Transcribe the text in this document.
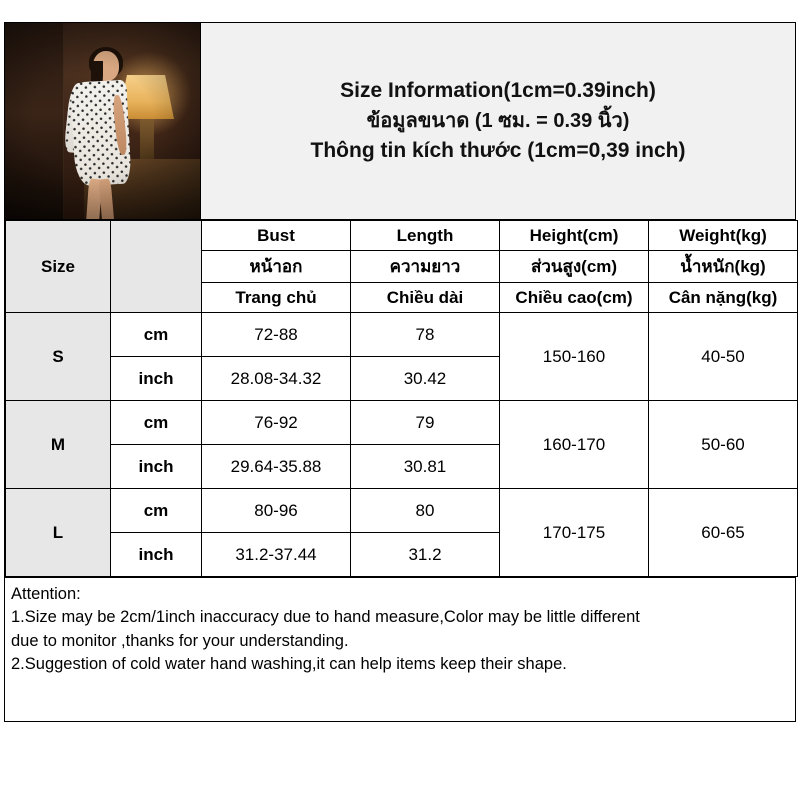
Size Information(1cm=0.39inch)
ข้อมูลขนาด (1 ซม. = 0.39 นิ้ว)
Thông tin kích thước (1cm=0,39 inch)
Size		Bust	Length	Height(cm)	Weight(kg)
		หน้าอก	ความยาว	ส่วนสูง(cm)	น้ำหนัก(kg)
		Trang chủ	Chiều dài	Chiều cao(cm)	Cân nặng(kg)
S	cm	72-88	78	150-160	40-50
	inch	28.08-34.32	30.42		
M	cm	76-92	79	160-170	50-60
	inch	29.64-35.88	30.81		
L	cm	80-96	80	170-175	60-65
	inch	31.2-37.44	31.2		
Attention:
1.Size may be 2cm/1inch inaccuracy due to hand measure,Color may be little different
due to monitor ,thanks for your understanding.
2.Suggestion of cold water hand washing,it can help items keep their shape.
